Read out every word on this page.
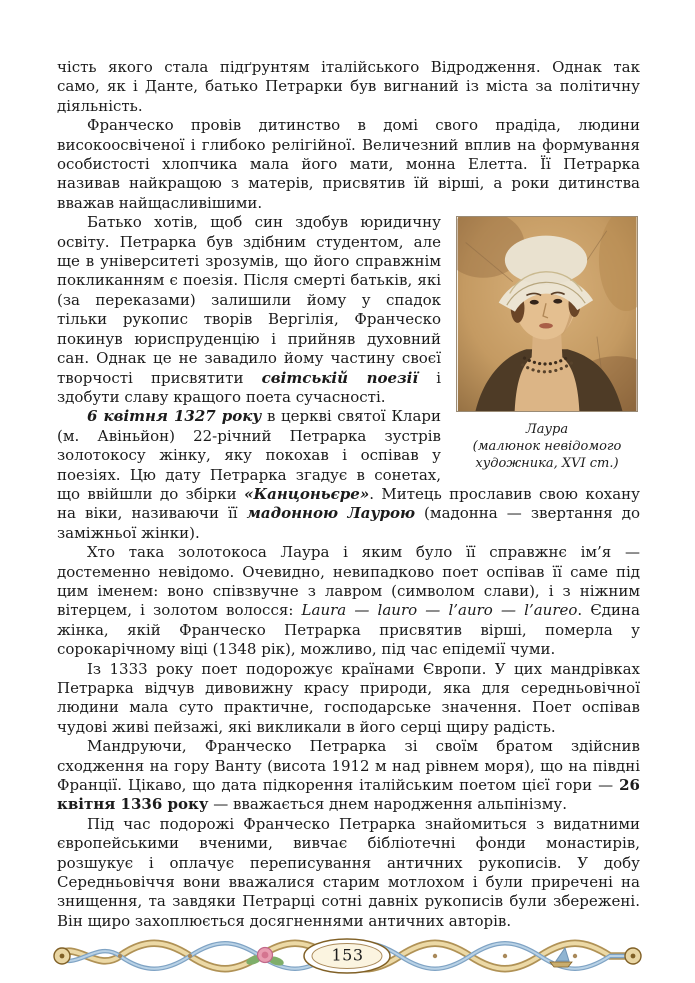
чість якого стала підґрунтям італійського Відродження. Однак так само, як і Данте, батько Петрарки був вигнаний із міста за політичну діяльність.

Франческо провів дитинство в домі свого прадіда, людини високоосвіченої і глибоко релігійної. Величезний вплив на формування особистості хлопчика мала його мати, монна Елетта. Її Петрарка називав найкращою з матерів, присвятив їй вірші, а роки дитинства вважав найщасливішими.

Лаура
(малюнок невідомого
художника, XVI ст.)
Батько хотів, щоб син здобув юридичну освіту. Петрарка був здібним студентом, але ще в університеті зрозумів, що його справжнім покликанням є поезія. Після смерті батьків, які (за переказами) залишили йому у спадок тільки рукопис творів Вергілія, Франческо покинув юриспруденцію і прийняв духовний сан. Однак це не завадило йому частину своєї творчості присвятити світській поезії і здобути славу кращого поета сучасності.

6 квітня 1327 року в церкві святої Клари (м. Авіньйон) 22-річний Петрарка зустрів золотокосу жінку, яку покохав і оспівав у поезіях. Цю дату Петрарка згадує в сонетах, що ввійшли до збірки «Канцоньєре». Митець прославив свою кохану на віки, називаючи її мадонною Лаурою (мадонна — звертання до заміжньої жінки).

Хто така золотокоса Лаура і яким було її справжнє ім’я — достеменно невідомо. Очевидно, невипадково поет оспівав її саме під цим іменем: воно співзвучне з лавром (символом слави), і з ніжним вітерцем, і золотом волосся: Laura — lauro — l’auro — l’aureo. Єдина жінка, якій Франческо Петрарка присвятив вірші, померла у сорокарічному віці (1348 рік), можливо, під час епідемії чуми.

Із 1333 року поет подорожує країнами Європи. У цих мандрівках Петрарка відчув дивовижну красу природи, яка для середньовічної людини мала суто практичне, господарське значення. Поет оспівав чудові живі пейзажі, які викликали в його серці щиру радість.

Мандруючи, Франческо Петрарка зі своїм братом здійснив сходження на гору Ванту (висота 1912 м над рівнем моря), що на півдні Франції. Цікаво, що дата підкорення італійським поетом цієї гори — 26 квітня 1336 року — вважається днем народження альпінізму.

Під час подорожі Франческо Петрарка знайомиться з видатними європейськими вченими, вивчає бібліотечні фонди монастирів, розшукує і оплачує переписування античних рукописів. У добу Середньовіччя вони вважалися старим мотлохом і були приречені на знищення, та завдяки Петрарці сотні давніх рукописів були збережені. Він щиро захоплюється досягненнями античних авторів.

153
